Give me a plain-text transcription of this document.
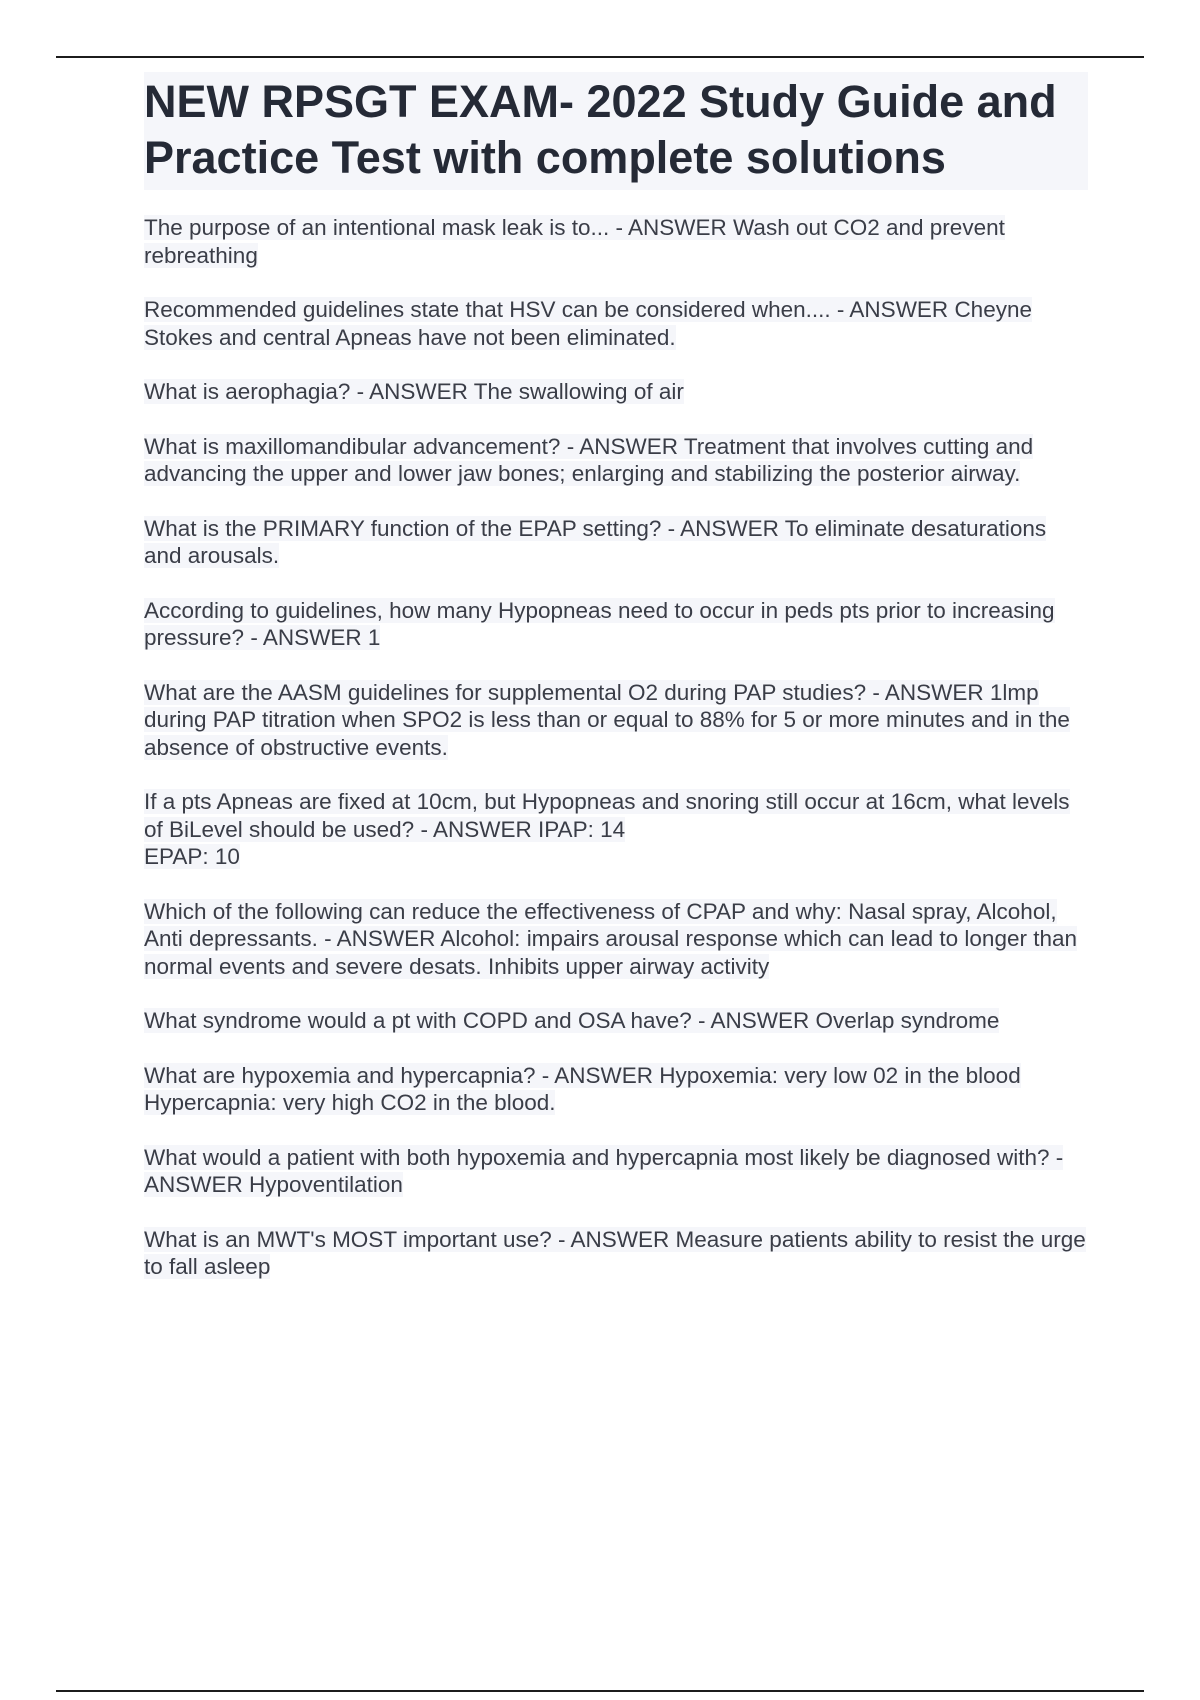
NEW RPSGT EXAM- 2022 Study Guide and Practice Test with complete solutions

The purpose of an intentional mask leak is to... - ANSWER Wash out CO2 and prevent rebreathing

Recommended guidelines state that HSV can be considered when.... - ANSWER Cheyne Stokes and central Apneas have not been eliminated.

What is aerophagia? - ANSWER The swallowing of air

What is maxillomandibular advancement? - ANSWER Treatment that involves cutting and advancing the upper and lower jaw bones; enlarging and stabilizing the posterior airway.

What is the PRIMARY function of the EPAP setting? - ANSWER To eliminate desaturations and arousals.

According to guidelines, how many Hypopneas need to occur in peds pts prior to increasing pressure? - ANSWER 1

What are the AASM guidelines for supplemental O2 during PAP studies? - ANSWER 1lmp during PAP titration when SPO2 is less than or equal to 88% for 5 or more minutes and in the absence of obstructive events.

If a pts Apneas are fixed at 10cm, but Hypopneas and snoring still occur at 16cm, what levels of BiLevel should be used? - ANSWER IPAP: 14
EPAP: 10

Which of the following can reduce the effectiveness of CPAP and why: Nasal spray, Alcohol, Anti depressants. - ANSWER Alcohol: impairs arousal response which can lead to longer than normal events and severe desats. Inhibits upper airway activity

What syndrome would a pt with COPD and OSA have? - ANSWER Overlap syndrome

What are hypoxemia and hypercapnia? - ANSWER Hypoxemia: very low 02 in the blood
Hypercapnia: very high CO2 in the blood.

What would a patient with both hypoxemia and hypercapnia most likely be diagnosed with? - ANSWER Hypoventilation

What is an MWT's MOST important use? - ANSWER Measure patients ability to resist the urge to fall asleep
